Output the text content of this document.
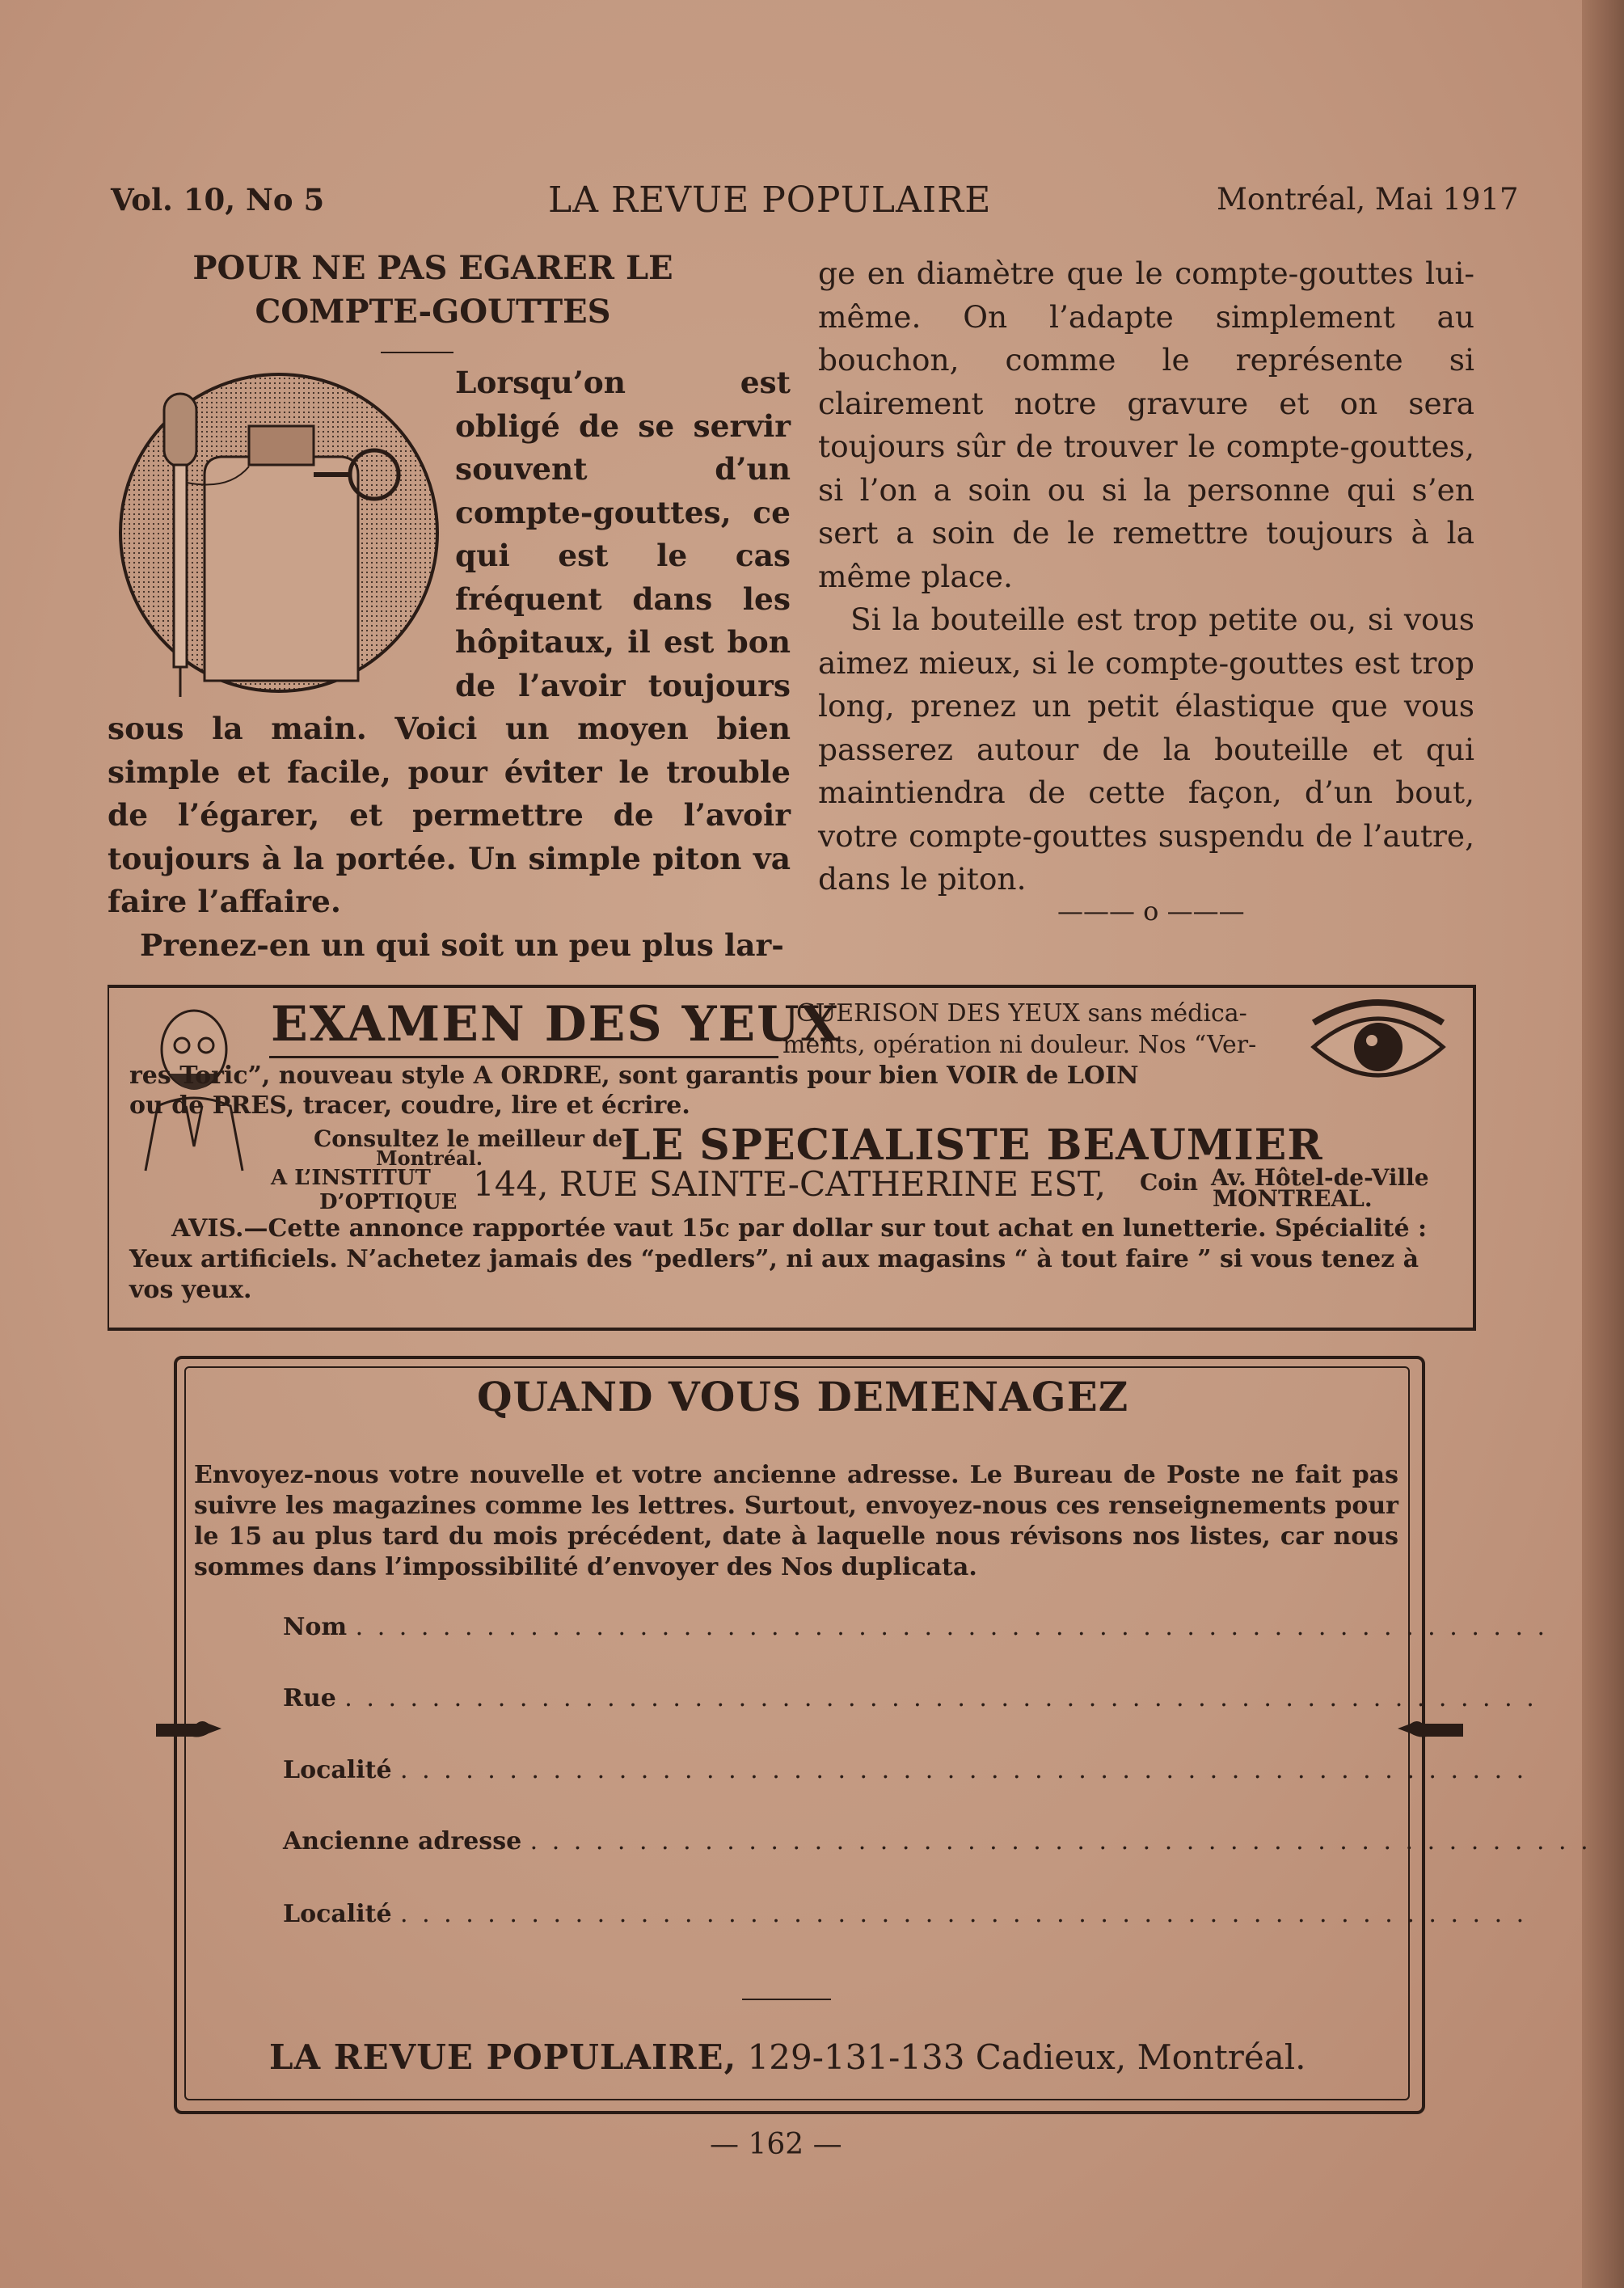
Vol. 10, No 5	LA REVUE POPULAIRE	Montréal, Mai 1917

POUR NE PAS EGARER LE

COMPTE-GOUTTES

Lorsqu’on est obligé de se servir souvent d’un compte-gouttes, ce qui est le cas fréquent dans les hôpitaux, il est bon de l’avoir toujours sous la main. Voici un moyen bien simple et facile, pour éviter le trouble de l’égarer, et permettre de l’avoir toujours à la portée. Un simple piton va faire l’affaire.

Prenez-en un qui soit un peu plus lar-

ge en diamètre que le compte-gouttes lui-même. On l’adapte simplement au bouchon, comme le représente si clairement notre gravure et on sera toujours sûr de trouver le compte-gouttes, si l’on a soin ou si la personne qui s’en sert a soin de le remettre toujours à la même place.

Si la bouteille est trop petite ou, si vous aimez mieux, si le compte-gouttes est trop long, prenez un petit élastique que vous passerez autour de la bouteille et qui maintiendra de cette façon, d’un bout, votre compte-gouttes suspendu de l’autre, dans le piton.

——— o ———
EXAMEN DES YEUX
GUERISON DES YEUX sans médica-
ments, opération ni douleur. Nos “Ver-
res Toric”, nouveau style A ORDRE, sont garantis pour bien VOIR de LOIN
ou de PRES, tracer, coudre, lire et écrire.
Consultez le meilleur de
Montréal.	LE SPECIALISTE BEAUMIER
A L’INSTITUT
D’OPTIQUE 144, RUE SAINTE-CATHERINE EST, Coin Av. Hôtel-de-Ville
MONTREAL.
AVIS.—Cette annonce rapportée vaut 15c par dollar sur tout achat en lunetterie. Spécialité :
Yeux artificiels. N’achetez jamais des “pedlers”, ni aux magasins “ à tout faire ” si vous tenez à
vos yeux.
QUAND VOUS DEMENAGEZ
Envoyez-nous votre nouvelle et votre ancienne adresse. Le Bureau de Poste ne fait pas suivre les magazines comme les lettres. Surtout, envoyez-nous ces renseignements pour le 15 au plus tard du mois précédent, date à laquelle nous révisons nos listes, car nous sommes dans l’impossibilité d’envoyer des Nos duplicata.
Nom . . . . . . . . . . . . . . . . . . . . . . . . . . . . . . . . . . . . . . . . . . . . . . . . . . . . . . .
Rue . . . . . . . . . . . . . . . . . . . . . . . . . . . . . . . . . . . . . . . . . . . . . . . . . . . . . . .
Localité . . . . . . . . . . . . . . . . . . . . . . . . . . . . . . . . . . . . . . . . . . . . . . . . . . . .
Ancienne adresse . . . . . . . . . . . . . . . . . . . . . . . . . . . . . . . . . . . . . . . . . . . . . . . . .
Localité . . . . . . . . . . . . . . . . . . . . . . . . . . . . . . . . . . . . . . . . . . . . . . . . . . . .
LA REVUE POPULAIRE, 129-131-133 Cadieux, Montréal.
— 162 —
